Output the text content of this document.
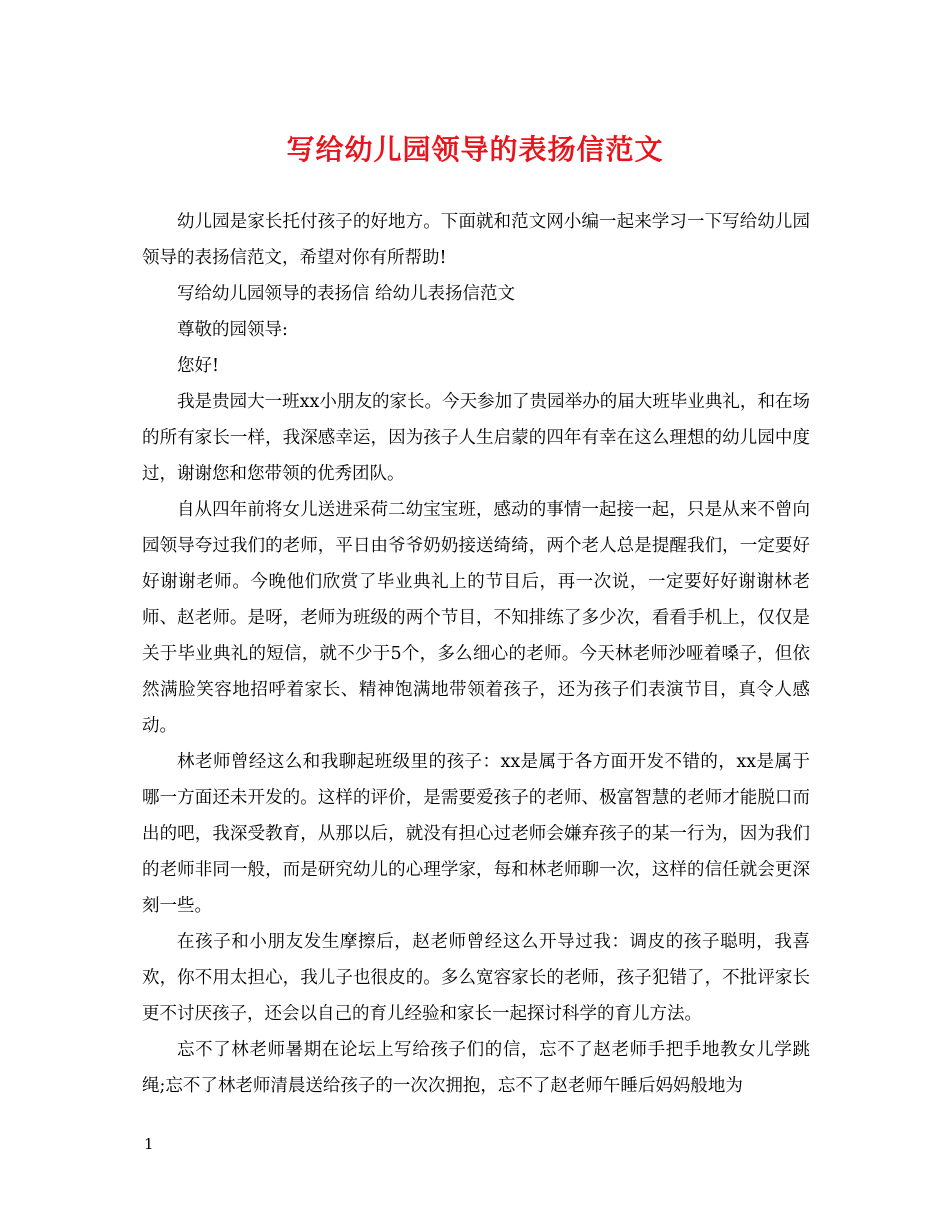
写给幼儿园领导的表扬信范文

幼儿园是家长托付孩子的好地方。下面就和范文网小编一起来学习一下写给幼儿园领导的表扬信范文，希望对你有所帮助!

写给幼儿园领导的表扬信 给幼儿表扬信范文

尊敬的园领导:

您好!

我是贵园大一班xx小朋友的家长。今天参加了贵园举办的届大班毕业典礼，和在场的所有家长一样，我深感幸运，因为孩子人生启蒙的四年有幸在这么理想的幼儿园中度过，谢谢您和您带领的优秀团队。

自从四年前将女儿送进采荷二幼宝宝班，感动的事情一起接一起，只是从来不曾向园领导夸过我们的老师，平日由爷爷奶奶接送绮绮，两个老人总是提醒我们，一定要好好谢谢老师。今晚他们欣赏了毕业典礼上的节目后，再一次说，一定要好好谢谢林老师、赵老师。是呀，老师为班级的两个节目，不知排练了多少次，看看手机上，仅仅是关于毕业典礼的短信，就不少于5个，多么细心的老师。今天林老师沙哑着嗓子，但依然满脸笑容地招呼着家长、精神饱满地带领着孩子，还为孩子们表演节目，真令人感动。

林老师曾经这么和我聊起班级里的孩子：xx是属于各方面开发不错的，xx是属于哪一方面还未开发的。这样的评价，是需要爱孩子的老师、极富智慧的老师才能脱口而出的吧，我深受教育，从那以后，就没有担心过老师会嫌弃孩子的某一行为，因为我们的老师非同一般，而是研究幼儿的心理学家，每和林老师聊一次，这样的信任就会更深刻一些。

在孩子和小朋友发生摩擦后，赵老师曾经这么开导过我：调皮的孩子聪明，我喜欢，你不用太担心，我儿子也很皮的。多么宽容家长的老师，孩子犯错了，不批评家长更不讨厌孩子，还会以自己的育儿经验和家长一起探讨科学的育儿方法。

忘不了林老师暑期在论坛上写给孩子们的信，忘不了赵老师手把手地教女儿学跳绳;忘不了林老师清晨送给孩子的一次次拥抱，忘不了赵老师午睡后妈妈般地为

1
